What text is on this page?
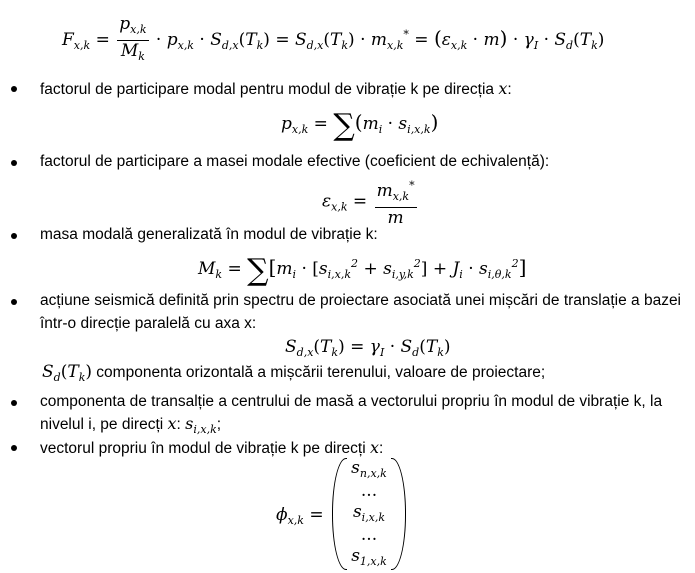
$F_{x,k} = \frac{p_{x,k}}{M_k} \cdot p_{x,k} \cdot S_{d,x}(T_k) = S_{d,x}(T_k) \cdot m_{x,k}^* = (\varepsilon_{x,k} \cdot m) \cdot \gamma_I \cdot S_d(T_k)$
factorul de participare modal pentru modul de vibrație k pe direcția x:
$p_{x,k} = \sum(m_i \cdot s_{i,x,k})$
factorul de participare a masei modale efective (coeficient de echivalență):
$\varepsilon_{x,k} = \frac{m_{x,k}^*}{m}$
masa modală generalizată în modul de vibrație k:
$M_k = \sum[m_i \cdot [s_{i,x,k}^2 + s_{i,y,k}^2] + J_i \cdot s_{i,\theta,k}^2]$
acțiune seismică definită prin spectru de proiectare asociată unei mișcări de translație a bazei
într-o direcție paralelă cu axa x:
$S_{d,x}(T_k) = \gamma_I \cdot S_d(T_k)$
$S_d(T_k)$ componenta orizontală a mișcării terenului, valoare de proiectare;
componenta de transalție a centrului de masă a vectorului propriu în modul de vibrație k, la
nivelul i, pe direcți x: $s_{i,x,k}$;
vectorul propriu în modul de vibrație k pe direcți x:
$\phi_{x,k}$ =
$s_{n,x,k}$
...
$s_{i,x,k}$
...
$s_{1,x,k}$
